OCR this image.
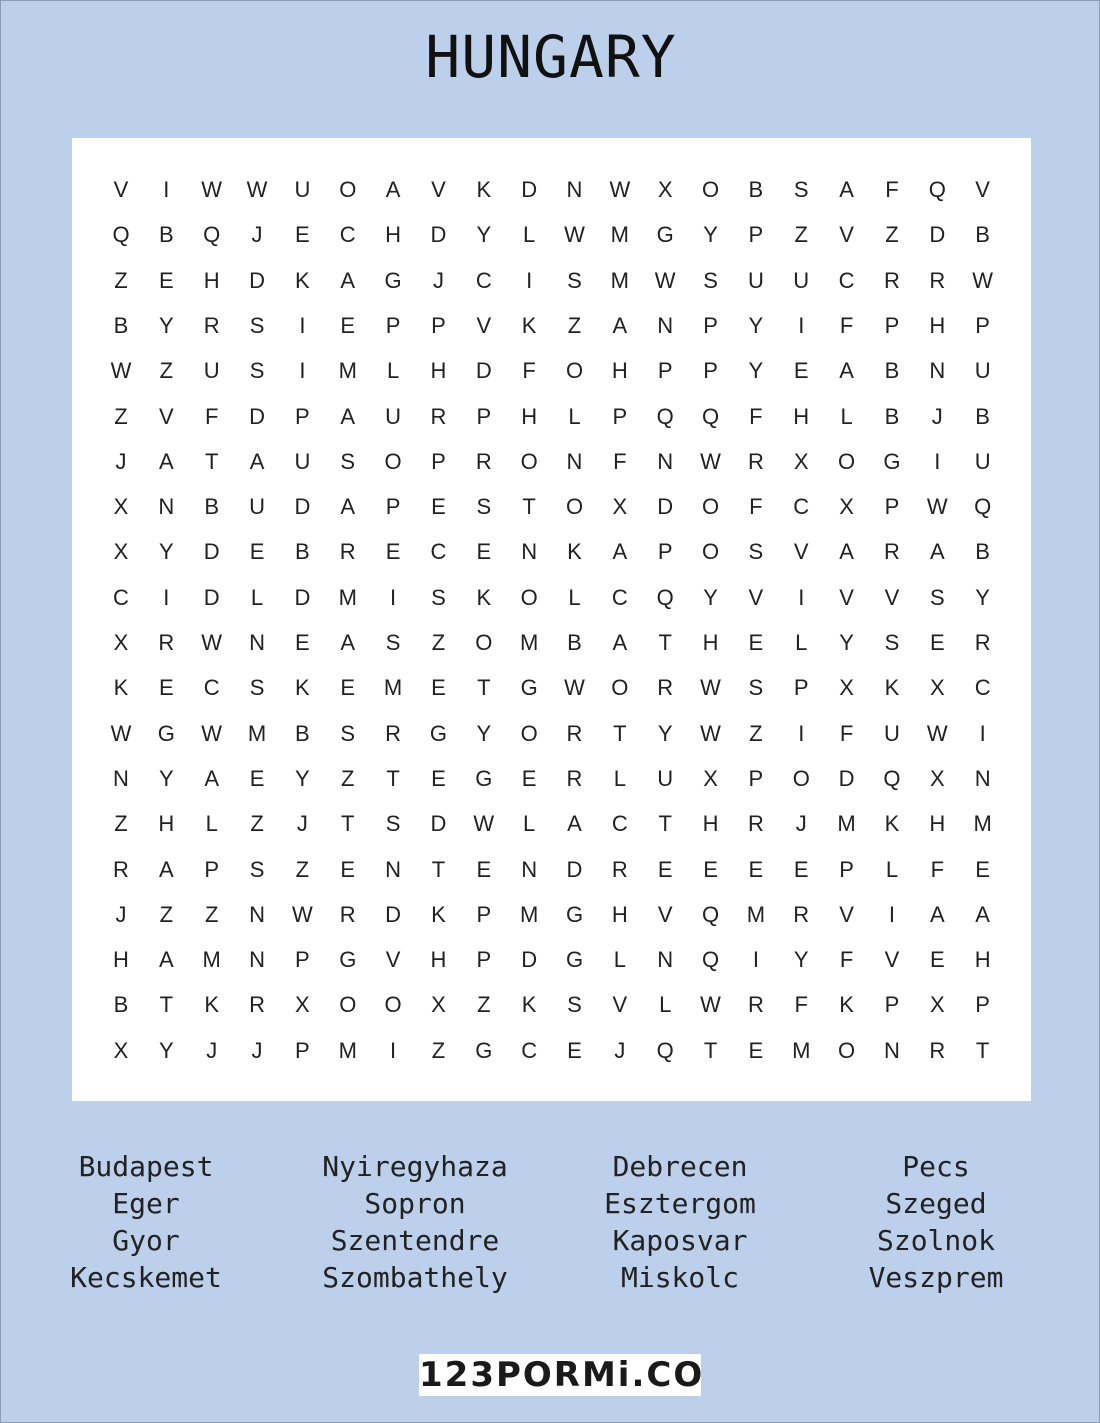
HUNGARY
V	I	W	W	U	O	A	V	K	D	N	W	X	O	B	S	A	F	Q	V
Q	B	Q	J	E	C	H	D	Y	L	W	M	G	Y	P	Z	V	Z	D	B
Z	E	H	D	K	A	G	J	C	I	S	M	W	S	U	U	C	R	R	W
B	Y	R	S	I	E	P	P	V	K	Z	A	N	P	Y	I	F	P	H	P
W	Z	U	S	I	M	L	H	D	F	O	H	P	P	Y	E	A	B	N	U
Z	V	F	D	P	A	U	R	P	H	L	P	Q	Q	F	H	L	B	J	B
J	A	T	A	U	S	O	P	R	O	N	F	N	W	R	X	O	G	I	U
X	N	B	U	D	A	P	E	S	T	O	X	D	O	F	C	X	P	W	Q
X	Y	D	E	B	R	E	C	E	N	K	A	P	O	S	V	A	R	A	B
C	I	D	L	D	M	I	S	K	O	L	C	Q	Y	V	I	V	V	S	Y
X	R	W	N	E	A	S	Z	O	M	B	A	T	H	E	L	Y	S	E	R
K	E	C	S	K	E	M	E	T	G	W	O	R	W	S	P	X	K	X	C
W	G	W	M	B	S	R	G	Y	O	R	T	Y	W	Z	I	F	U	W	I
N	Y	A	E	Y	Z	T	E	G	E	R	L	U	X	P	O	D	Q	X	N
Z	H	L	Z	J	T	S	D	W	L	A	C	T	H	R	J	M	K	H	M
R	A	P	S	Z	E	N	T	E	N	D	R	E	E	E	E	P	L	F	E
J	Z	Z	N	W	R	D	K	P	M	G	H	V	Q	M	R	V	I	A	A
H	A	M	N	P	G	V	H	P	D	G	L	N	Q	I	Y	F	V	E	H
B	T	K	R	X	O	O	X	Z	K	S	V	L	W	R	F	K	P	X	P
X	Y	J	J	P	M	I	Z	G	C	E	J	Q	T	E	M	O	N	R	T
Budapest
Eger
Gyor
Kecskemet
Nyiregyhaza
Sopron
Szentendre
Szombathely
Debrecen
Esztergom
Kaposvar
Miskolc
Pecs
Szeged
Szolnok
Veszprem
123PORMi.CO
